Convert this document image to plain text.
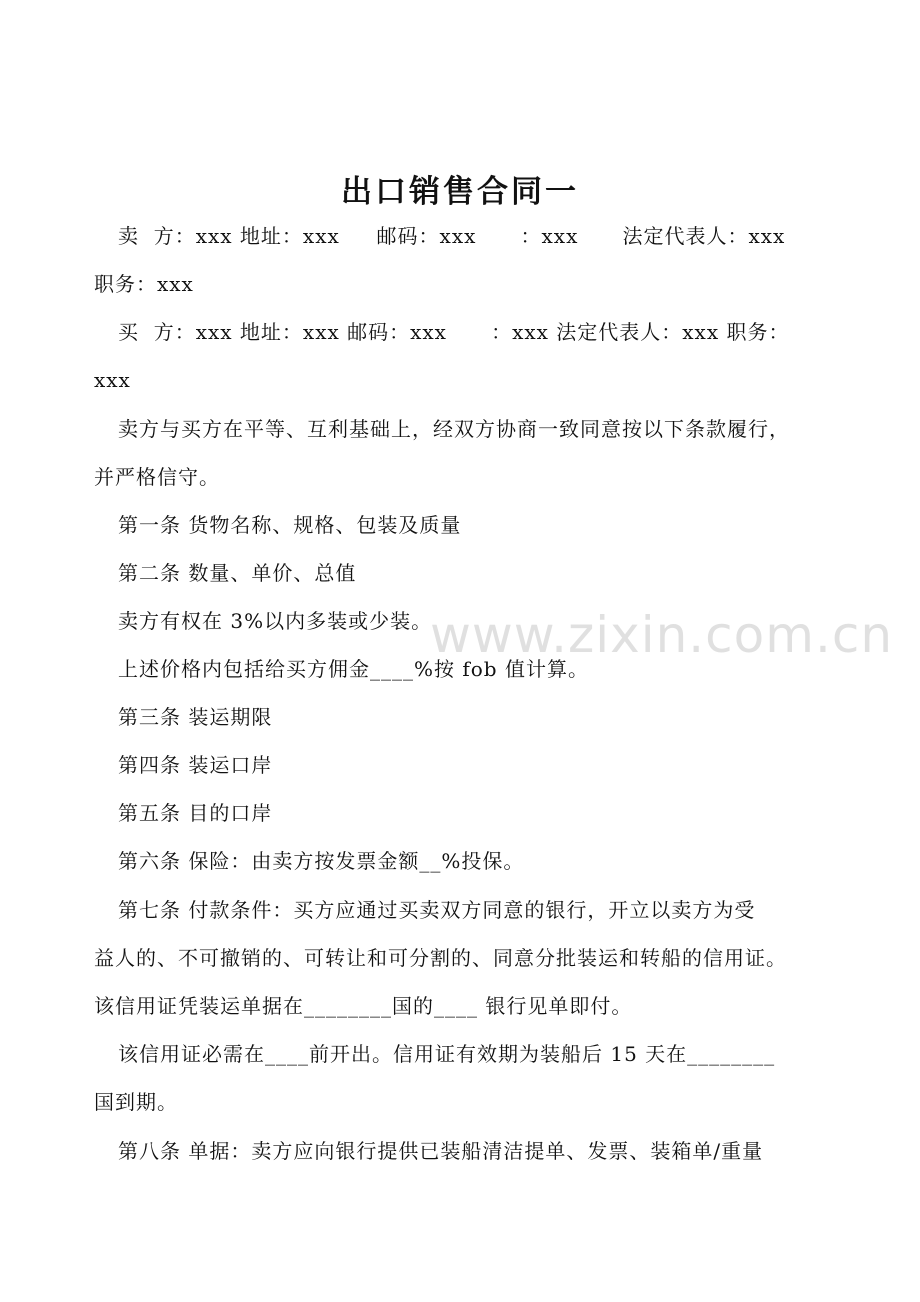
出口销售合同一
卖  方：xxx 地址：xxx     邮码：xxx      ：xxx      法定代表人：xxx
职务：xxx
买  方：xxx 地址：xxx 邮码：xxx      ：xxx 法定代表人：xxx 职务：
xxx
卖方与买方在平等、互利基础上，经双方协商一致同意按以下条款履行，
并严格信守。
第一条 货物名称、规格、包装及质量
第二条 数量、单价、总值
卖方有权在 3%以内多装或少装。
上述价格内包括给买方佣金____%按 fob 值计算。
第三条 装运期限
第四条 装运口岸
第五条 目的口岸
第六条 保险：由卖方按发票金额__%投保。
第七条 付款条件：买方应通过买卖双方同意的银行，开立以卖方为受
益人的、不可撤销的、可转让和可分割的、同意分批装运和转船的信用证。
该信用证凭装运单据在________国的____ 银行见单即付。
该信用证必需在____前开出。信用证有效期为装船后 15 天在________
国到期。
第八条 单据：卖方应向银行提供已装船清洁提单、发票、装箱单/重量
www.zixin.com.cn
